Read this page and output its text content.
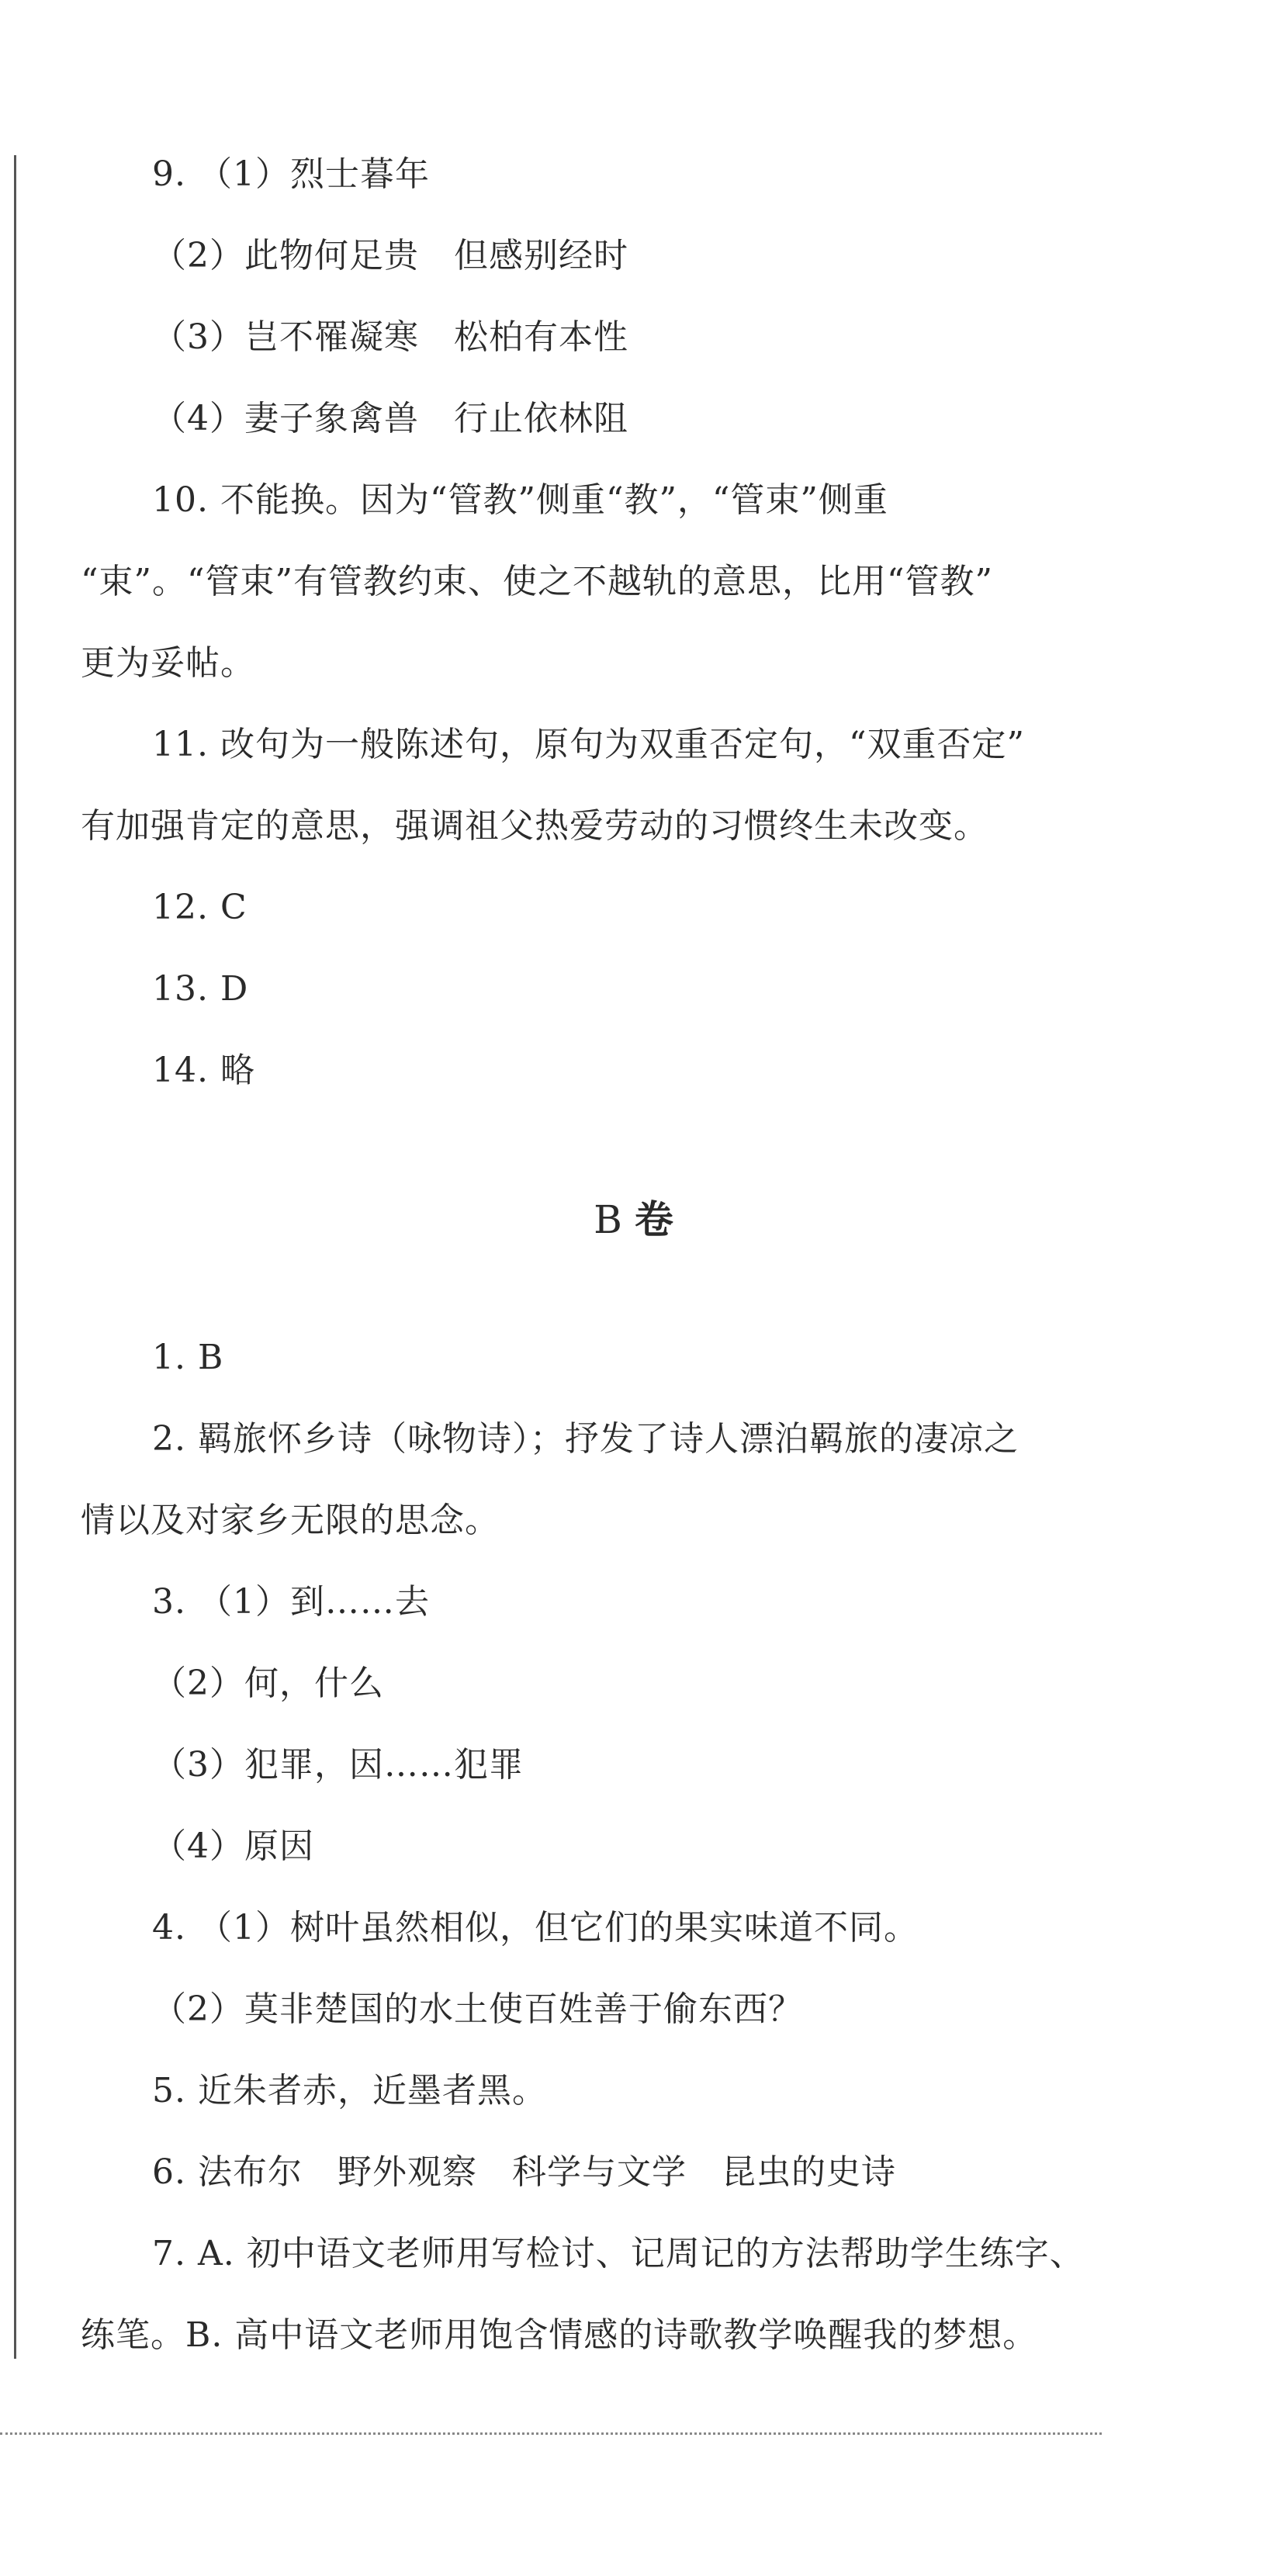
9. （1）烈士暮年
（2）此物何足贵　但感别经时
（3）岂不罹凝寒　松柏有本性
（4）妻子象禽兽　行止依林阻
10. 不能换。因为“管教”侧重“教”，“管束”侧重
“束”。“管束”有管教约束、使之不越轨的意思，比用“管教”
更为妥帖。
11. 改句为一般陈述句，原句为双重否定句，“双重否定”
有加强肯定的意思，强调祖父热爱劳动的习惯终生未改变。
12. C
13. D
14. 略
B 卷
1. B
2. 羁旅怀乡诗（咏物诗）；抒发了诗人漂泊羁旅的凄凉之
情以及对家乡无限的思念。
3. （1）到……去
（2）何，什么
（3）犯罪，因……犯罪
（4）原因
4. （1）树叶虽然相似，但它们的果实味道不同。
（2）莫非楚国的水土使百姓善于偷东西？
5. 近朱者赤，近墨者黑。
6. 法布尔　野外观察　科学与文学　昆虫的史诗
7. A. 初中语文老师用写检讨、记周记的方法帮助学生练字、
练笔。B. 高中语文老师用饱含情感的诗歌教学唤醒我的梦想。
